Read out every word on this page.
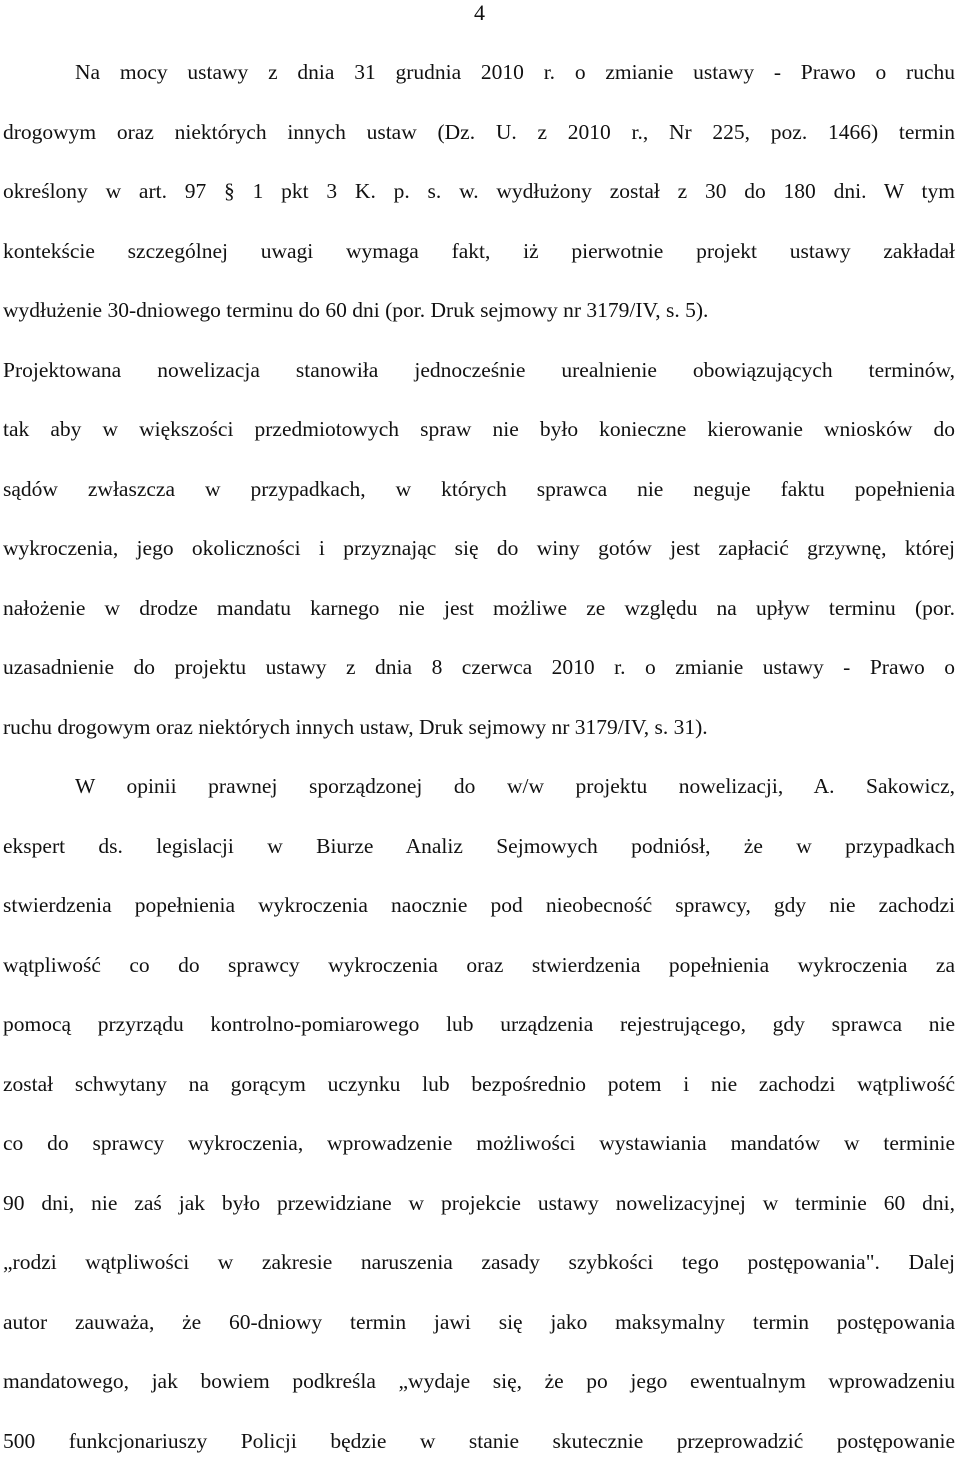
4
Na mocy ustawy z dnia 31 grudnia 2010 r. o zmianie ustawy - Prawo o ruchu
drogowym oraz niektórych innych ustaw (Dz. U. z 2010 r., Nr 225, poz. 1466) termin
określony w art. 97 § 1 pkt 3 K. p. s. w. wydłużony został z 30 do 180 dni. W tym
kontekście szczególnej uwagi wymaga fakt, iż pierwotnie projekt ustawy zakładał
wydłużenie 30-dniowego terminu do 60 dni (por. Druk sejmowy nr 3179/IV, s. 5).
Projektowana nowelizacja stanowiła jednocześnie urealnienie obowiązujących terminów,
tak aby w większości przedmiotowych spraw nie było konieczne kierowanie wniosków do
sądów zwłaszcza w przypadkach, w których sprawca nie neguje faktu popełnienia
wykroczenia, jego okoliczności i przyznając się do winy gotów jest zapłacić grzywnę, której
nałożenie w drodze mandatu karnego nie jest możliwe ze względu na upływ terminu (por.
uzasadnienie do projektu ustawy z dnia 8 czerwca 2010 r. o zmianie ustawy - Prawo o
ruchu drogowym oraz niektórych innych ustaw, Druk sejmowy nr 3179/IV, s. 31).
W opinii prawnej sporządzonej do w/w projektu nowelizacji, A. Sakowicz,
ekspert ds. legislacji w Biurze Analiz Sejmowych podniósł, że w przypadkach
stwierdzenia popełnienia wykroczenia naocznie pod nieobecność sprawcy, gdy nie zachodzi
wątpliwość co do sprawcy wykroczenia oraz stwierdzenia popełnienia wykroczenia za
pomocą przyrządu kontrolno-pomiarowego lub urządzenia rejestrującego, gdy sprawca nie
został schwytany na gorącym uczynku lub bezpośrednio potem i nie zachodzi wątpliwość
co do sprawcy wykroczenia, wprowadzenie możliwości wystawiania mandatów w terminie
90 dni, nie zaś jak było przewidziane w projekcie ustawy nowelizacyjnej w terminie 60 dni,
„rodzi wątpliwości w zakresie naruszenia zasady szybkości tego postępowania". Dalej
autor zauważa, że 60-dniowy termin jawi się jako maksymalny termin postępowania
mandatowego, jak bowiem podkreśla „wydaje się, że po jego ewentualnym wprowadzeniu
500 funkcjonariuszy Policji będzie w stanie skutecznie przeprowadzić postępowanie
